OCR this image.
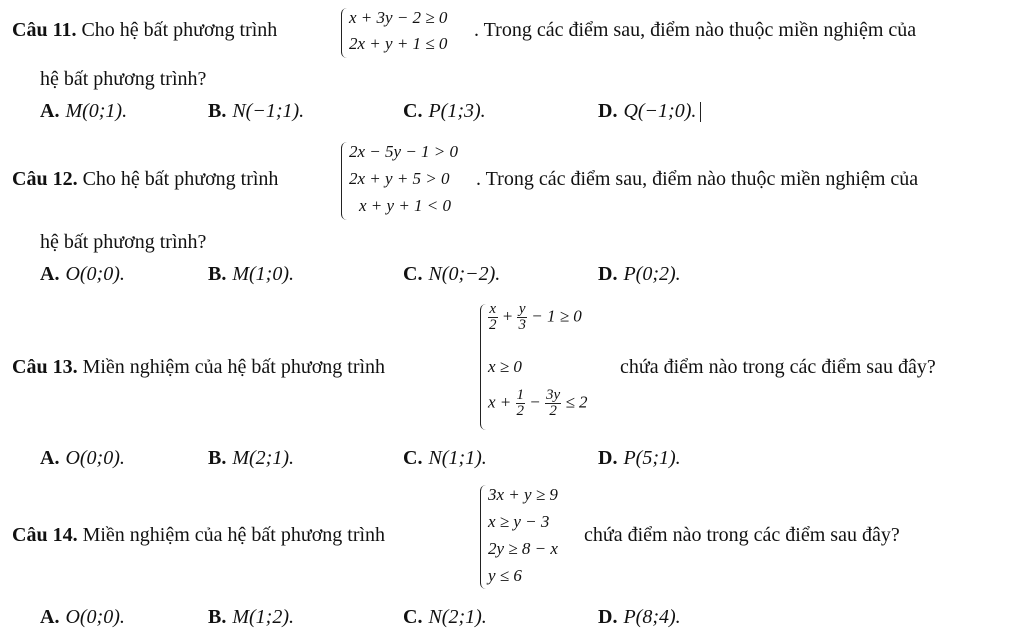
Câu 11. Cho hệ bất phương trình
x + 3y − 2 ≥ 0
2x + y + 1 ≤ 0
. Trong các điểm sau, điểm nào thuộc miền nghiệm của
hệ bất phương trình?
A. M(0;1).	B. N(−1;1).	C. P(1;3).	D. Q(−1;0).
Câu 12. Cho hệ bất phương trình
2x − 5y − 1 > 0
2x + y + 5 > 0
x + y + 1 < 0
. Trong các điểm sau, điểm nào thuộc miền nghiệm của
hệ bất phương trình?
A. O(0;0).	B. M(1;0).	C. N(0;−2).	D. P(0;2).
Câu 13. Miền nghiệm của hệ bất phương trình
$\frac{x}{2} + \frac{y}{3} - 1 \ge 0$
x ≥ 0
$x + \frac{1}{2} - \frac{3y}{2} \le 2$
chứa điểm nào trong các điểm sau đây?
A. O(0;0).	B. M(2;1).	C. N(1;1).	D. P(5;1).
Câu 14. Miền nghiệm của hệ bất phương trình
3x + y ≥ 9
x ≥ y − 3
2y ≥ 8 − x
y ≤ 6
chứa điểm nào trong các điểm sau đây?
A. O(0;0).	B. M(1;2).	C. N(2;1).	D. P(8;4).
